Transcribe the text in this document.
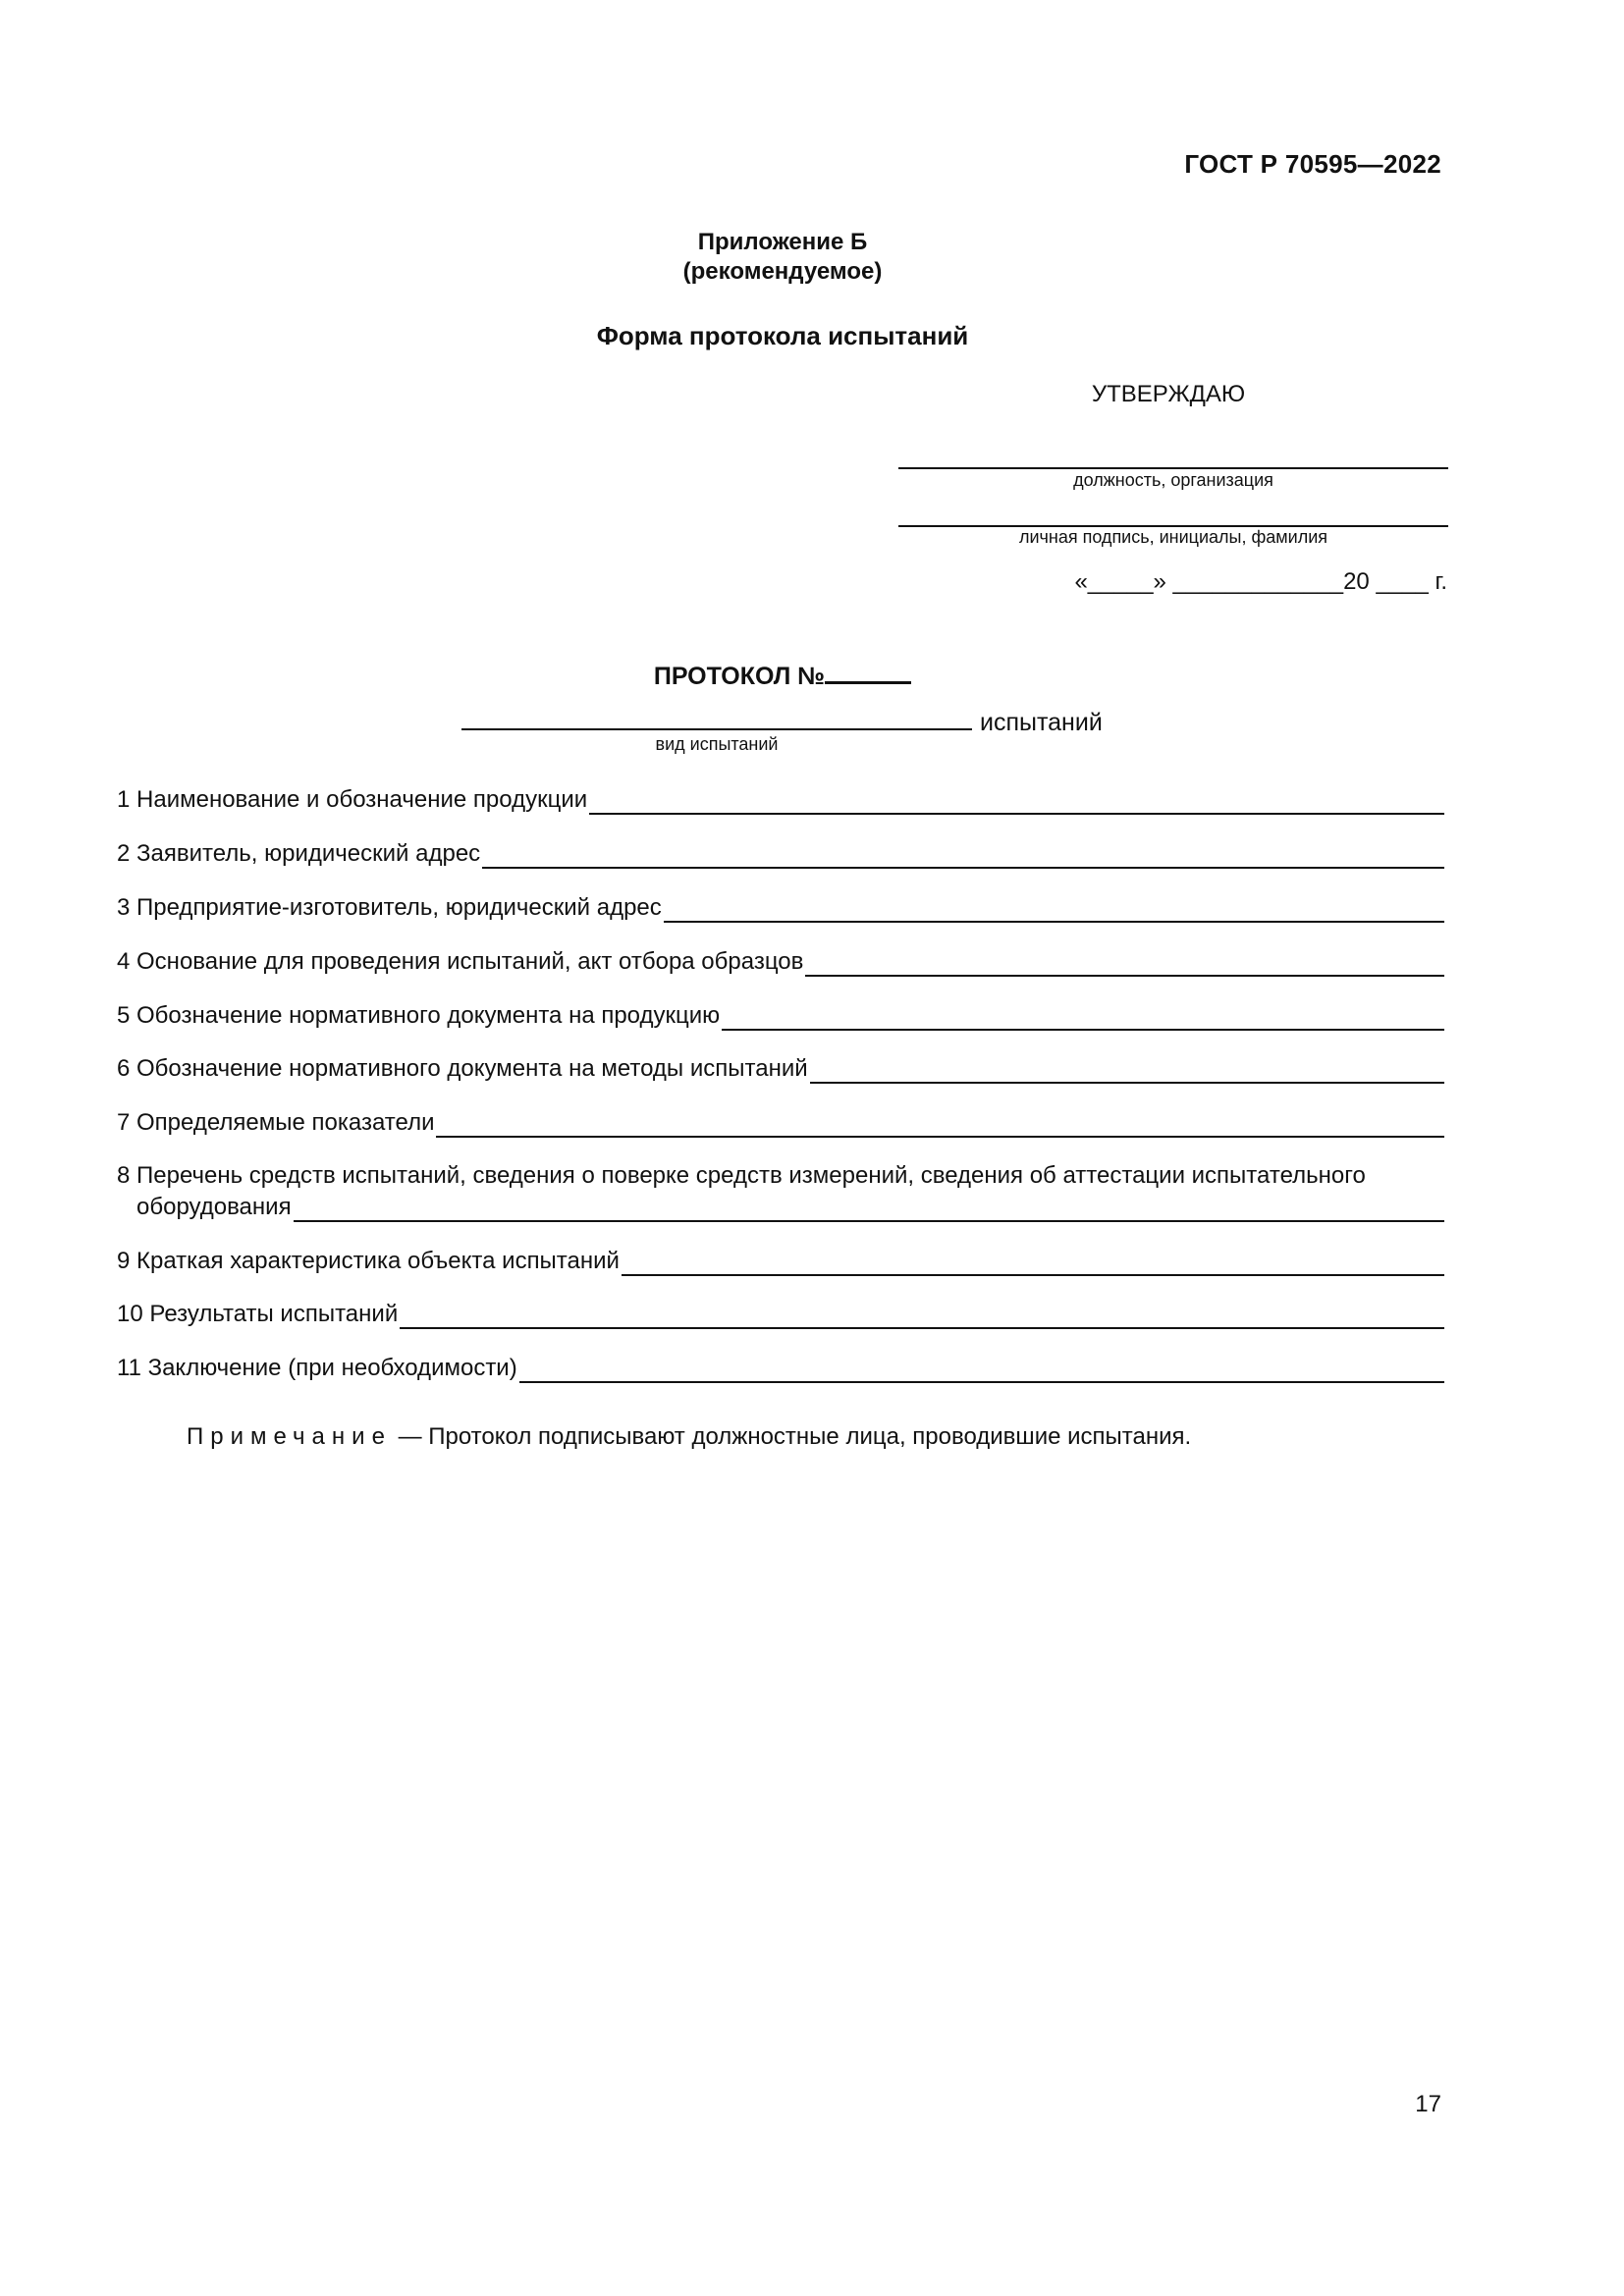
ГОСТ Р 70595—2022
Приложение Б
(рекомендуемое)
Форма протокола испытаний
УТВЕРЖДАЮ
должность, организация
личная подпись, инициалы, фамилия
«_____» _____________20 ____ г.
ПРОТОКОЛ №
испытаний
вид испытаний
1 Наименование и обозначение продукции
2 Заявитель, юридический адрес
3 Предприятие-изготовитель, юридический адрес
4 Основание для проведения испытаний, акт отбора образцов
5 Обозначение нормативного документа на продукцию
6 Обозначение нормативного документа на методы испытаний
7 Определяемые показатели
8 Перечень средств испытаний, сведения о поверке средств измерений, сведения об аттестации испытательного
оборудования
9 Краткая характеристика объекта испытаний
10 Результаты испытаний
11 Заключение (при необходимости)
Примечание — Протокол подписывают должностные лица, проводившие испытания.
17
